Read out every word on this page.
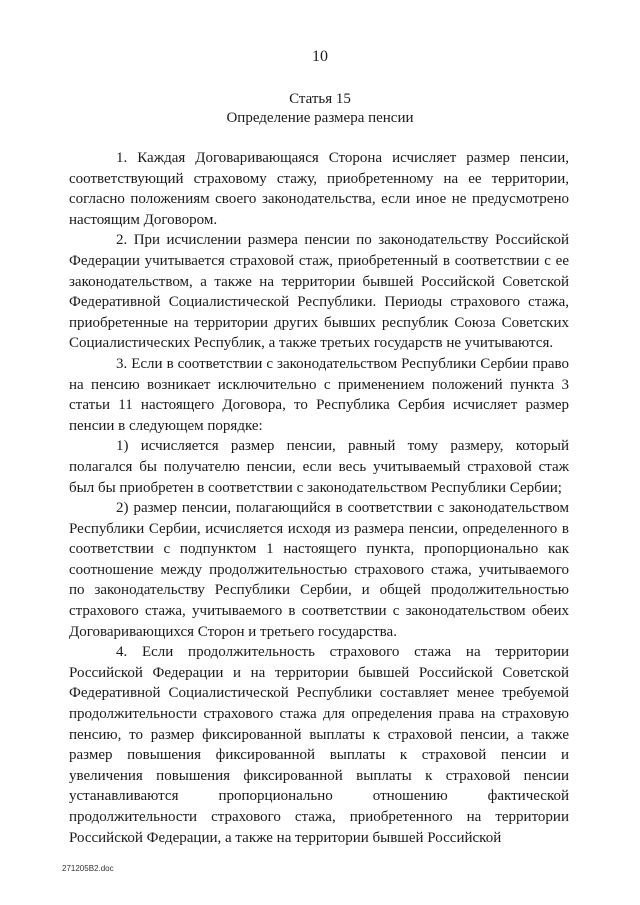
10
Статья 15
Определение размера пенсии

1. Каждая Договаривающаяся Сторона исчисляет размер пенсии, соответствующий страховому стажу, приобретенному на ее территории, согласно положениям своего законодательства, если иное не предусмотрено настоящим Договором.

2. При исчислении размера пенсии по законодательству Российской Федерации учитывается страховой стаж, приобретенный в соответствии с ее законодательством, а также на территории бывшей Российской Советской Федеративной Социалистической Республики. Периоды страхового стажа, приобретенные на территории других бывших республик Союза Советских Социалистических Республик, а также третьих государств не учитываются.

3. Если в соответствии с законодательством Республики Сербии право на пенсию возникает исключительно с применением положений пункта 3 статьи 11 настоящего Договора, то Республика Сербия исчисляет размер пенсии в следующем порядке:

1) исчисляется размер пенсии, равный тому размеру, который полагался бы получателю пенсии, если весь учитываемый страховой стаж был бы приобретен в соответствии с законодательством Республики Сербии;

2) размер пенсии, полагающийся в соответствии с законодательством Республики Сербии, исчисляется исходя из размера пенсии, определенного в соответствии с подпунктом 1 настоящего пункта, пропорционально как соотношение между продолжительностью страхового стажа, учитываемого по законодательству Республики Сербии, и общей продолжительностью страхового стажа, учитываемого в соответствии с законодательством обеих Договаривающихся Сторон и третьего государства.

4. Если продолжительность страхового стажа на территории Российской Федерации и на территории бывшей Российской Советской Федеративной Социалистической Республики составляет менее требуемой продолжительности страхового стажа для определения права на страховую пенсию, то размер фиксированной выплаты к страховой пенсии, а также размер повышения фиксированной выплаты к страховой пенсии и увеличения повышения фиксированной выплаты к страховой пенсии устанавливаются пропорционально отношению фактической продолжительности страхового стажа, приобретенного на территории Российской Федерации, а также на территории бывшей Российской

271205B2.doc
